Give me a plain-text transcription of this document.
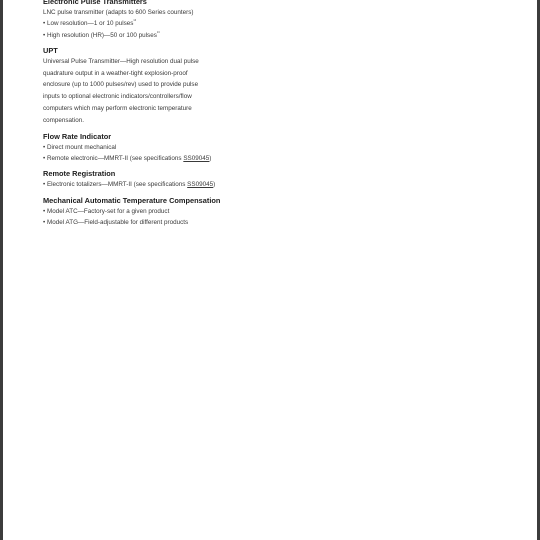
Electronic Pulse Transmitters

LNC pulse transmitter (adapts to 600 Series counters)

• Low resolution—1 or 10 pulses$^{^{13}}$

• High resolution (HR)—50 or 100 pulses$^{^{13}}$

UPT

Universal Pulse Transmitter—High resolution dual pulse

quadrature output in a weather-tight explosion-proof

enclosure (up to 1000 pulses/rev) used to provide pulse

inputs to optional electronic indicators/controllers/flow

computers which may perform electronic temperature

compensation.

Flow Rate Indicator

• Direct mount mechanical

• Remote electronic—MMRT-II (see specifications SS09045)

Remote Registration

• Electronic totalizers—MMRT-II (see specifications SS09045)

Mechanical Automatic Temperature Compensation

• Model ATC—Factory-set for a given product

• Model ATG—Field-adjustable for different products
